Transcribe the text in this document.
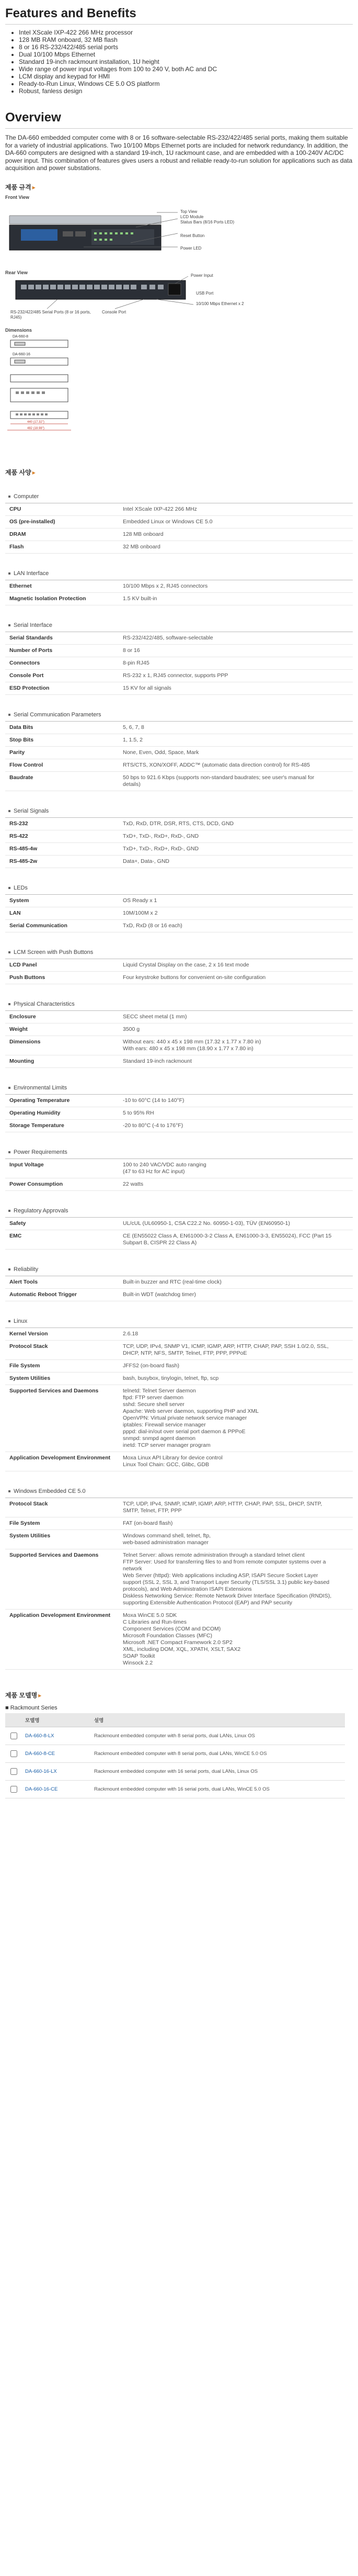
Features and Benefits
• Intel XScale IXP-422 266 MHz processor
• 128 MB RAM onboard, 32 MB flash
• 8 or 16 RS-232/422/485 serial ports
• Dual 10/100 Mbps Ethernet
• Standard 19-inch rackmount installation, 1U height
• Wide range of power input voltages from 100 to 240 V, both AC and DC
• LCM display and keypad for HMI
• Ready-to-Run Linux, Windows CE 5.0 OS platform
• Robust, fanless design
Overview

The DA-660 embedded computer come with 8 or 16 software-selectable RS-232/422/485 serial ports, making them suitable for a variety of industrial applications. Two 10/100 Mbps Ethernet ports are included for network redundancy. In addition, the DA-660 computers are designed with a standard 19-inch, 1U rackmount case, and are embedded with a 100-240V AC/DC power input. This combination of features gives users a robust and reliable ready-to-run solution for applications such as data acquisition and power substations.

제품 규격 ▸
Front View
Top View
LCD Module
Status Bars (8/16 Ports LED)
Reset Button
Power LED
Rear View
Power Input
RS-232/422/485 Serial Ports (8 or 16 ports, RJ45)
Console Port
10/100 Mbps Ethernet x 2
USB Port
Dimensions
DA-660-8
DA-660-16
440 (17.32")
482 (18.98")
제품 사양 ▸
Computer
CPU	Intel XScale IXP-422 266 MHz
OS (pre-installed)	Embedded Linux or Windows CE 5.0
DRAM	128 MB onboard
Flash	32 MB onboard
LAN Interface
Ethernet	10/100 Mbps x 2, RJ45 connectors
Magnetic Isolation Protection	1.5 KV built-in
Serial Interface
Serial Standards	RS-232/422/485, software-selectable
Number of Ports	8 or 16
Connectors	8-pin RJ45
Console Port	RS-232 x 1, RJ45 connector, supports PPP
ESD Protection	15 KV for all signals
Serial Communication Parameters
Data Bits	5, 6, 7, 8
Stop Bits	1, 1.5, 2
Parity	None, Even, Odd, Space, Mark
Flow Control	RTS/CTS, XON/XOFF, ADDC™ (automatic data direction control) for RS-485
Baudrate	50 bps to 921.6 Kbps (supports non-standard baudrates; see user's manual for details)
Serial Signals
RS-232	TxD, RxD, DTR, DSR, RTS, CTS, DCD, GND
RS-422	TxD+, TxD-, RxD+, RxD-, GND
RS-485-4w	TxD+, TxD-, RxD+, RxD-, GND
RS-485-2w	Data+, Data-, GND
LEDs
System	OS Ready x 1
LAN	10M/100M x 2
Serial Communication	TxD, RxD (8 or 16 each)
LCM Screen with Push Buttons
LCD Panel	Liquid Crystal Display on the case, 2 x 16 text mode
Push Buttons	Four keystroke buttons for convenient on-site configuration
Physical Characteristics
Enclosure	SECC sheet metal (1 mm)
Weight	3500 g
Dimensions	Without ears: 440 x 45 x 198 mm (17.32 x 1.77 x 7.80 in)
With ears: 480 x 45 x 198 mm (18.90 x 1.77 x 7.80 in)
Mounting	Standard 19-inch rackmount
Environmental Limits
Operating Temperature	-10 to 60°C (14 to 140°F)
Operating Humidity	5 to 95% RH
Storage Temperature	-20 to 80°C (-4 to 176°F)
Power Requirements
Input Voltage	100 to 240 VAC/VDC auto ranging
(47 to 63 Hz for AC input)
Power Consumption	22 watts
Regulatory Approvals
Safety	UL/cUL (UL60950-1, CSA C22.2 No. 60950-1-03), TÜV (EN60950-1)
EMC	CE (EN55022 Class A, EN61000-3-2 Class A, EN61000-3-3, EN55024), FCC (Part 15 Subpart B, CISPR 22 Class A)
Reliability
Alert Tools	Built-in buzzer and RTC (real-time clock)
Automatic Reboot Trigger	Built-in WDT (watchdog timer)
Linux
Kernel Version	2.6.18
Protocol Stack	TCP, UDP, IPv4, SNMP V1, ICMP, IGMP, ARP, HTTP, CHAP, PAP, SSH 1.0/2.0, SSL, DHCP, NTP, NFS, SMTP, Telnet, FTP, PPP, PPPoE
File System	JFFS2 (on-board flash)
System Utilities	bash, busybox, tinylogin, telnet, ftp, scp
Supported Services and Daemons	telnetd: Telnet Server daemon
ftpd: FTP server daemon
sshd: Secure shell server
Apache: Web server daemon, supporting PHP and XML
OpenVPN: Virtual private network service manager
iptables: Firewall service manager
pppd: dial-in/out over serial port daemon & PPPoE
snmpd: snmpd agent daemon
inetd: TCP server manager program
Application Development Environment	Moxa Linux API Library for device control
Linux Tool Chain: GCC, Glibc, GDB
Windows Embedded CE 5.0
Protocol Stack	TCP, UDP, IPv4, SNMP, ICMP, IGMP, ARP, HTTP, CHAP, PAP, SSL, DHCP, SNTP, SMTP, Telnet, FTP, PPP
File System	FAT (on-board flash)
System Utilities	Windows command shell, telnet, ftp,
web-based administration manager
Supported Services and Daemons	Telnet Server: allows remote administration through a standard telnet client
FTP Server: Used for transferring files to and from remote computer systems over a network
Web Server (httpd): Web applications including ASP, ISAPI Secure Socket Layer support (SSL 2, SSL 3, and Transport Layer Security (TLS/SSL 3.1) public key-based protocols), and Web Administration ISAPI Extensions
Diskless Networking Service: Remote Network Driver Interface Specification (RNDIS), supporting Extensible Authentication Protocol (EAP) and PAP security
Application Development Environment	Moxa WinCE 5.0 SDK
C Libraries and Run-times
Component Services (COM and DCOM)
Microsoft Foundation Classes (MFC)
Microsoft .NET Compact Framework 2.0 SP2
XML, including DOM, XQL, XPATH, XSLT, SAX2
SOAP Toolkit
Winsock 2.2
제품 모델명 ▸
■ Rackmount Series
	모델명	설명
	DA-660-8-LX	Rackmount embedded computer with 8 serial ports, dual LANs, Linux OS
	DA-660-8-CE	Rackmount embedded computer with 8 serial ports, dual LANs, WinCE 5.0 OS
	DA-660-16-LX	Rackmount embedded computer with 16 serial ports, dual LANs, Linux OS
	DA-660-16-CE	Rackmount embedded computer with 16 serial ports, dual LANs, WinCE 5.0 OS
